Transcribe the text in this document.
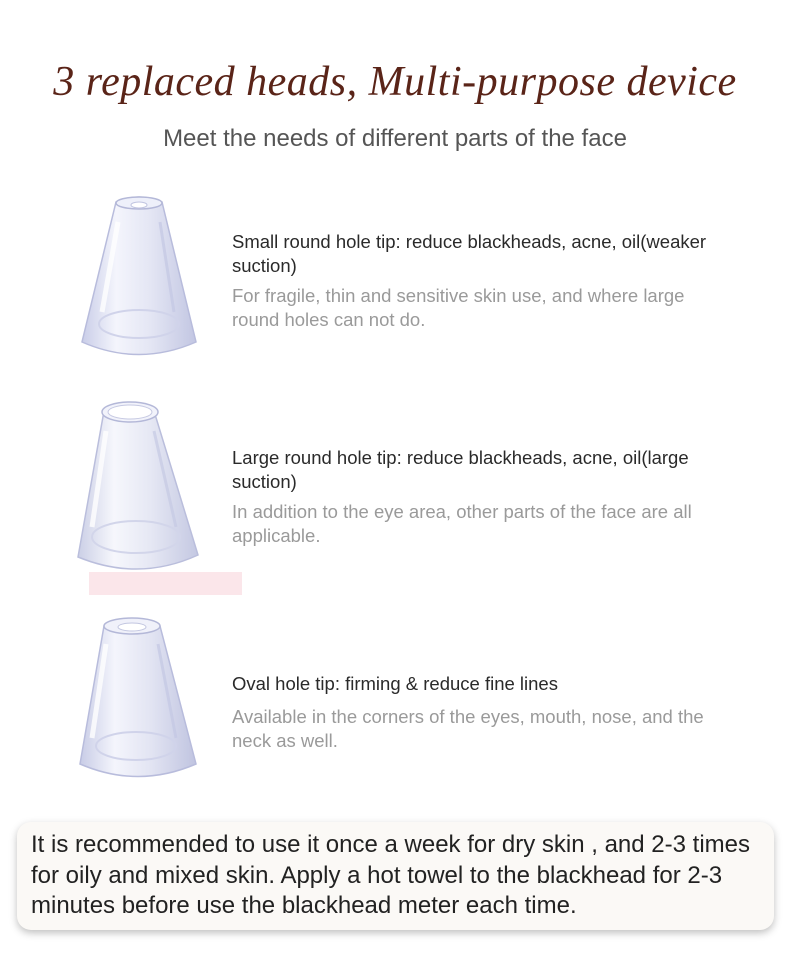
3 replaced heads, Multi-purpose device
Meet the needs of different parts of the face
Small round hole tip: reduce blackheads, acne, oil(weaker suction)
For fragile, thin and sensitive skin use, and where large round holes can not do.
Large round hole tip: reduce blackheads, acne, oil(large suction)
In addition to the eye area, other parts of the face are all applicable.
Oval hole tip: firming & reduce fine lines
Available in the corners of the eyes, mouth, nose, and the neck as well.
It is recommended to use it once a week for dry skin , and 2-3 times for oily and mixed skin. Apply a hot towel to the blackhead for 2-3 minutes before use the blackhead meter each time.
